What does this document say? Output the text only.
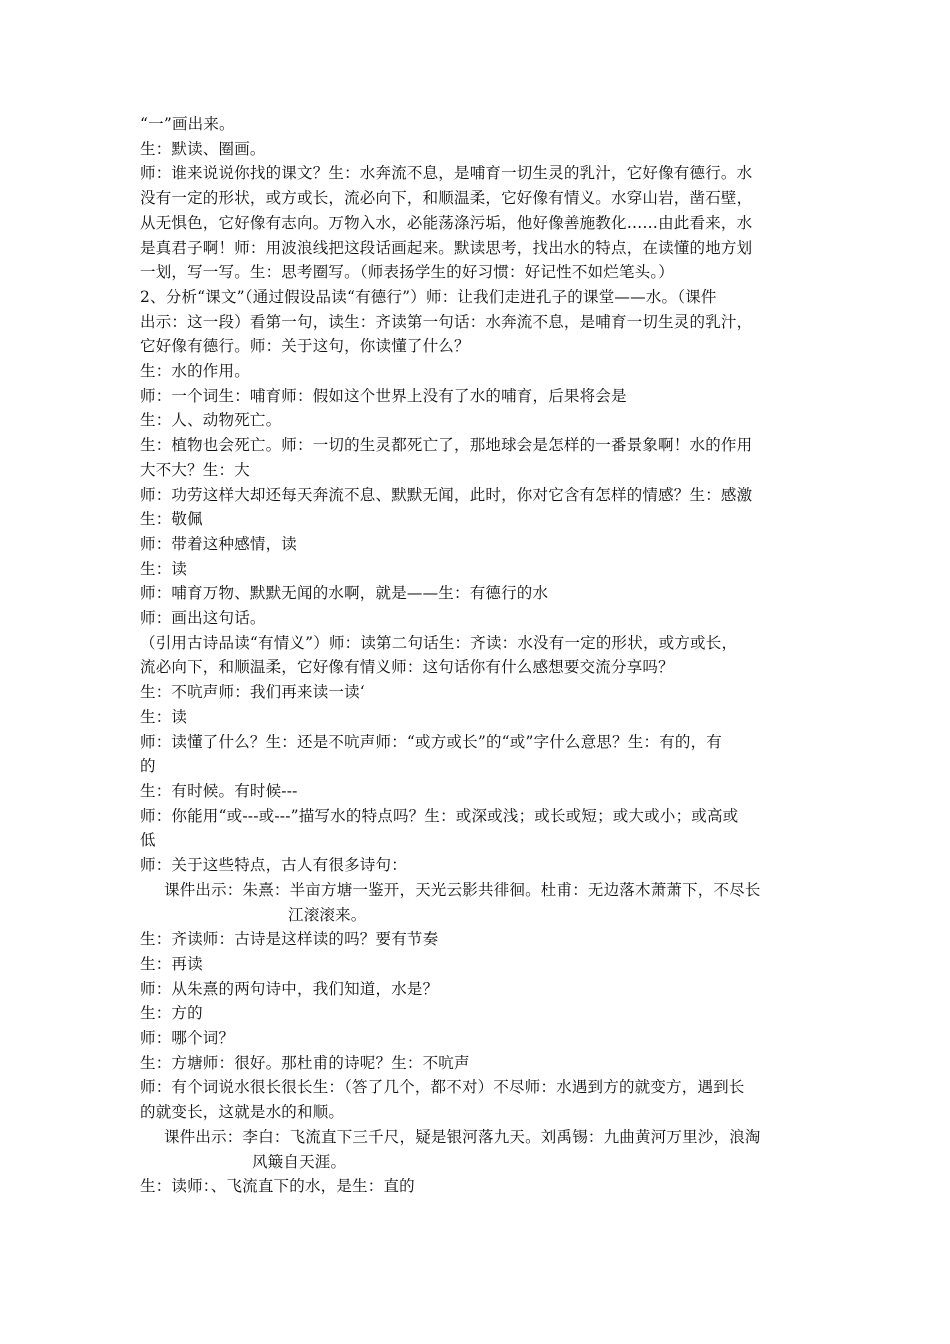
“一”画出来。
生：默读、圈画。
师：谁来说说你找的课文？生：水奔流不息，是哺育一切生灵的乳汁，它好像有德行。水
没有一定的形状，或方或长，流必向下，和顺温柔，它好像有情义。水穿山岩，凿石壁，
从无惧色，它好像有志向。万物入水，必能荡涤污垢，他好像善施教化……由此看来，水
是真君子啊！师：用波浪线把这段话画起来。默读思考，找出水的特点，在读懂的地方划
一划，写一写。生：思考圈写。（师表扬学生的好习惯：好记性不如烂笔头。）
2、分析“课文”（通过假设品读“有德行”）师：让我们走进孔子的课堂——水。（课件
出示：这一段）看第一句，读生：齐读第一句话：水奔流不息，是哺育一切生灵的乳汁，
它好像有德行。师：关于这句，你读懂了什么？
生：水的作用。
师：一个词生：哺育师：假如这个世界上没有了水的哺育，后果将会是
生：人、动物死亡。
生：植物也会死亡。师：一切的生灵都死亡了，那地球会是怎样的一番景象啊！水的作用
大不大？生：大
师：功劳这样大却还每天奔流不息、默默无闻，此时，你对它含有怎样的情感？生：感激
生：敬佩
师：带着这种感情，读
生：读
师：哺育万物、默默无闻的水啊，就是——生：有德行的水
师：画出这句话。
（引用古诗品读“有情义”）师：读第二句话生：齐读：水没有一定的形状，或方或长，
流必向下，和顺温柔，它好像有情义师：这句话你有什么感想要交流分享吗？
生：不吭声师：我们再来读一读‘
生：读
师：读懂了什么？生：还是不吭声师：“或方或长”的“或”字什么意思？生：有的，有
的
生：有时候。有时候---
师：你能用“或---或---”描写水的特点吗？生：或深或浅；或长或短；或大或小；或高或
低
师：关于这些特点，古人有很多诗句：
课件出示：朱熹：半亩方塘一鉴开，天光云影共徘徊。杜甫：无边落木萧萧下，不尽长
江滚滚来。
生：齐读师：古诗是这样读的吗？要有节奏
生：再读
师：从朱熹的两句诗中，我们知道，水是？
生：方的
师：哪个词？
生：方塘师：很好。那杜甫的诗呢？生：不吭声
师：有个词说水很长很长生：（答了几个，都不对）不尽师：水遇到方的就变方，遇到长
的就变长，这就是水的和顺。
课件出示：李白：飞流直下三千尺，疑是银河落九天。刘禹锡：九曲黄河万里沙，浪淘
风簸自天涯。
生：读师：、飞流直下的水，是生：直的
